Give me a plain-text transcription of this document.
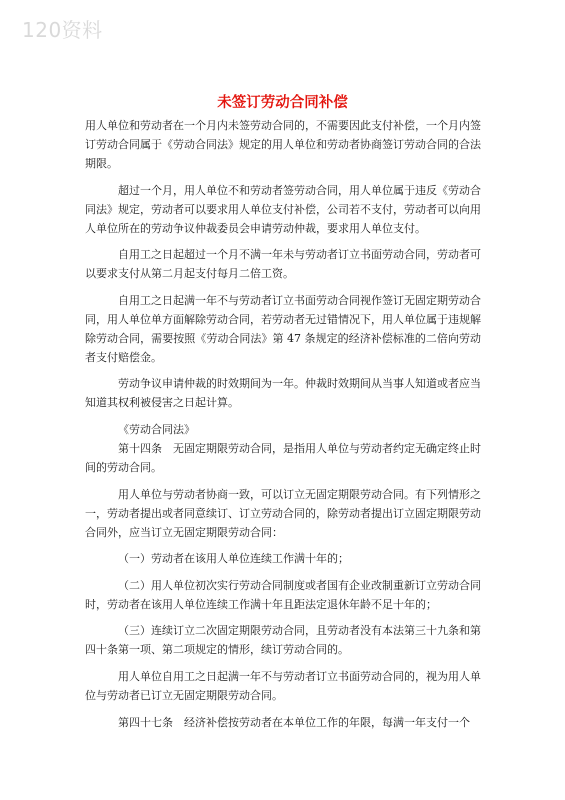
120资料
未签订劳动合同补偿

用人单位和劳动者在一个月内未签劳动合同的，不需要因此支付补偿，一个月内签订劳动合同属于《劳动合同法》规定的用人单位和劳动者协商签订劳动合同的合法期限。

超过一个月，用人单位不和劳动者签劳动合同，用人单位属于违反《劳动合同法》规定，劳动者可以要求用人单位支付补偿，公司若不支付，劳动者可以向用人单位所在的劳动争议仲裁委员会申请劳动仲裁，要求用人单位支付。

自用工之日起超过一个月不满一年未与劳动者订立书面劳动合同，劳动者可以要求支付从第二月起支付每月二倍工资。

自用工之日起满一年不与劳动者订立书面劳动合同视作签订无固定期劳动合同，用人单位单方面解除劳动合同，若劳动者无过错情况下，用人单位属于违规解除劳动合同，需要按照《劳动合同法》第 47 条规定的经济补偿标准的二倍向劳动者支付赔偿金。

劳动争议申请仲裁的时效期间为一年。仲裁时效期间从当事人知道或者应当知道其权利被侵害之日起计算。

《劳动合同法》

第十四条　无固定期限劳动合同，是指用人单位与劳动者约定无确定终止时间的劳动合同。

用人单位与劳动者协商一致，可以订立无固定期限劳动合同。有下列情形之一，劳动者提出或者同意续订、订立劳动合同的，除劳动者提出订立固定期限劳动合同外，应当订立无固定期限劳动合同：

（一）劳动者在该用人单位连续工作满十年的；

（二）用人单位初次实行劳动合同制度或者国有企业改制重新订立劳动合同时，劳动者在该用人单位连续工作满十年且距法定退休年龄不足十年的；

（三）连续订立二次固定期限劳动合同，且劳动者没有本法第三十九条和第四十条第一项、第二项规定的情形，续订劳动合同的。

用人单位自用工之日起满一年不与劳动者订立书面劳动合同的，视为用人单位与劳动者已订立无固定期限劳动合同。

第四十七条　经济补偿按劳动者在本单位工作的年限，每满一年支付一个
